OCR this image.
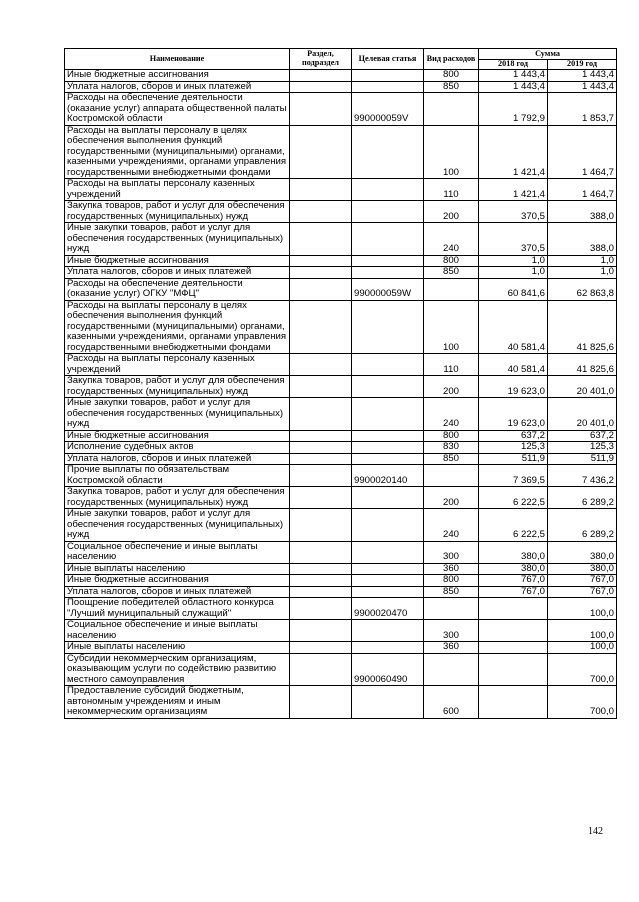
Наименование	Раздел, подраздел	Целевая статья	Вид расходов	Сумма	
				2018 год	2019 год
Иные бюджетные ассигнования			800	1 443,4	1 443,4
Уплата налогов, сборов и иных платежей			850	1 443,4	1 443,4
Расходы на обеспечение деятельности (оказание услуг) аппарата общественной палаты Костромской области		990000059V		1 792,9	1 853,7
Расходы на выплаты персоналу в целях обеспечения выполнения функций государственными (муниципальными) органами, казенными учреждениями, органами управления государственными внебюджетными фондами			100	1 421,4	1 464,7
Расходы на выплаты персоналу казенных учреждений			110	1 421,4	1 464,7
Закупка товаров, работ и услуг для обеспечения государственных (муниципальных) нужд			200	370,5	388,0
Иные закупки товаров, работ и услуг для обеспечения государственных (муниципальных) нужд			240	370,5	388,0
Иные бюджетные ассигнования			800	1,0	1,0
Уплата налогов, сборов и иных платежей			850	1,0	1,0
Расходы на обеспечение деятельности (оказание услуг) ОГКУ "МФЦ"		990000059W		60 841,6	62 863,8
Расходы на выплаты персоналу в целях обеспечения выполнения функций государственными (муниципальными) органами, казенными учреждениями, органами управления государственными внебюджетными фондами			100	40 581,4	41 825,6
Расходы на выплаты персоналу казенных учреждений			110	40 581,4	41 825,6
Закупка товаров, работ и услуг для обеспечения государственных (муниципальных) нужд			200	19 623,0	20 401,0
Иные закупки товаров, работ и услуг для обеспечения государственных (муниципальных) нужд			240	19 623,0	20 401,0
Иные бюджетные ассигнования			800	637,2	637,2
Исполнение судебных актов			830	125,3	125,3
Уплата налогов, сборов и иных платежей			850	511,9	511,9
Прочие выплаты по обязательствам Костромской области		9900020140		7 369,5	7 436,2
Закупка товаров, работ и услуг для обеспечения государственных (муниципальных) нужд			200	6 222,5	6 289,2
Иные закупки товаров, работ и услуг для обеспечения государственных (муниципальных) нужд			240	6 222,5	6 289,2
Социальное обеспечение и иные выплаты населению			300	380,0	380,0
Иные выплаты населению			360	380,0	380,0
Иные бюджетные ассигнования			800	767,0	767,0
Уплата налогов, сборов и иных платежей			850	767,0	767,0
Поощрение победителей областного конкурса "Лучший муниципальный служащий"		9900020470			100,0
Социальное обеспечение и иные выплаты населению			300		100,0
Иные выплаты населению			360		100,0
Субсидии некоммерческим организациям, оказывающим услуги по содействию развитию местного самоуправления		9900060490			700,0
Предоставление субсидий бюджетным, автономным учреждениям и иным некоммерческим организациям			600		700,0
142
